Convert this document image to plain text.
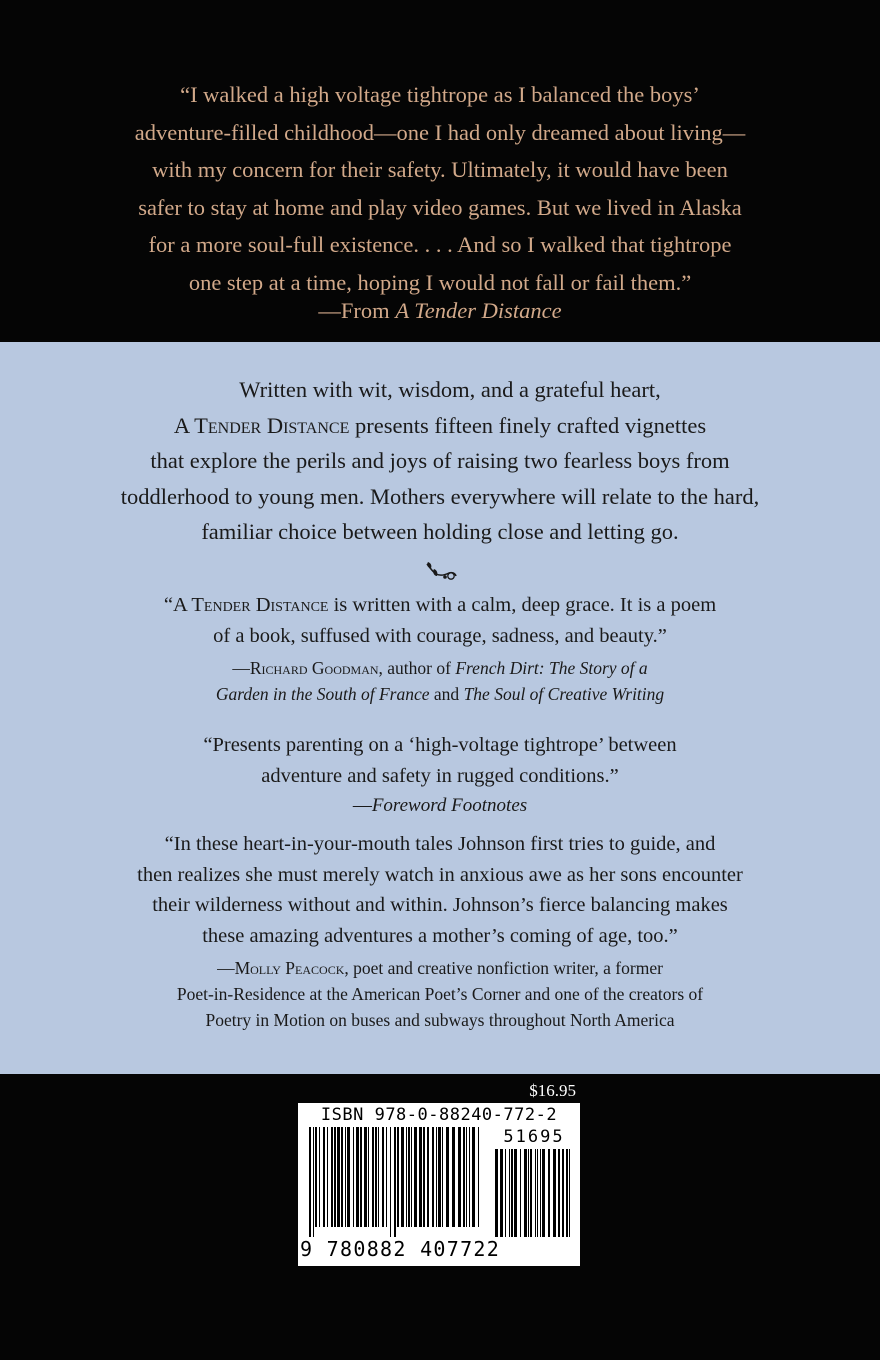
“I walked a high voltage tightrope as I balanced the boys’
adventure-filled childhood—one I had only dreamed about living—
with my concern for their safety. Ultimately, it would have been
safer to stay at home and play video games. But we lived in Alaska
for a more soul-full existence. . . . And so I walked that tightrope
one step at a time, hoping I would not fall or fail them.”
—From A Tender Distance
Written with wit, wisdom, and a grateful heart,
A Tender Distance presents fifteen finely crafted vignettes
that explore the perils and joys of raising two fearless boys from
toddlerhood to young men. Mothers everywhere will relate to the hard,
familiar choice between holding close and letting go.
“A Tender Distance is written with a calm, deep grace. It is a poem
of a book, suffused with courage, sadness, and beauty.”
—Richard Goodman, author of French Dirt: The Story of a
Garden in the South of France and The Soul of Creative Writing
“Presents parenting on a ‘high-voltage tightrope’ between
adventure and safety in rugged conditions.”
—Foreword Footnotes
“In these heart-in-your-mouth tales Johnson first tries to guide, and
then realizes she must merely watch in anxious awe as her sons encounter
their wilderness without and within. Johnson’s fierce balancing makes
these amazing adventures a mother’s coming of age, too.”
—Molly Peacock, poet and creative nonfiction writer, a former
Poet-in-Residence at the American Poet’s Corner and one of the creators of
Poetry in Motion on buses and subways throughout North America
$16.95
ISBN 978-0-88240-772-2
51695
9 780882 407722
